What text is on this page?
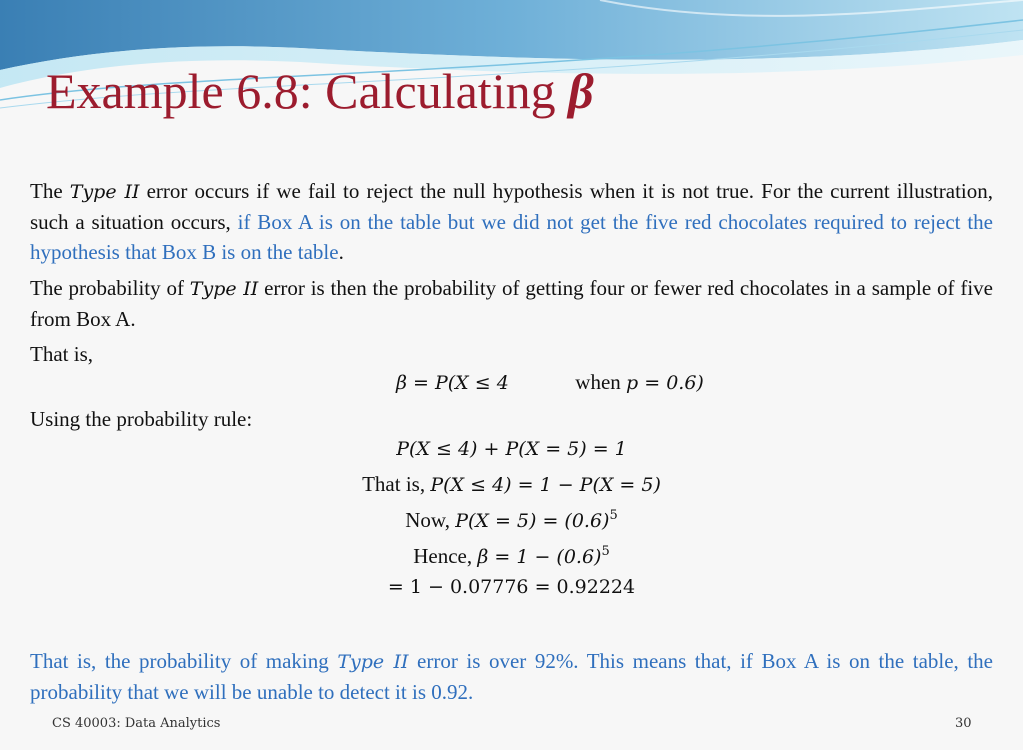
Example 6.8: Calculating β
The Type II error occurs if we fail to reject the null hypothesis when it is not true. For the current illustration, such a situation occurs, if Box A is on the table but we did not get the five red chocolates required to reject the hypothesis that Box B is on the table.
The probability of Type II error is then the probability of getting four or fewer red chocolates in a sample of five from Box A.
That is,
β = P(X ≤ 4	when p = 0.6)
Using the probability rule:
P(X ≤ 4) + P(X = 5) = 1
That is, P(X ≤ 4) = 1 − P(X = 5)
Now, $P(X = 5) = (0.6)^5$
Hence, $\beta = 1 - (0.6)^5$
= 1 − 0.07776 = 0.92224
That is, the probability of making Type II error is over 92%. This means that, if Box A is on the table, the probability that we will be unable to detect it is 0.92.
CS 40003: Data Analytics	30
